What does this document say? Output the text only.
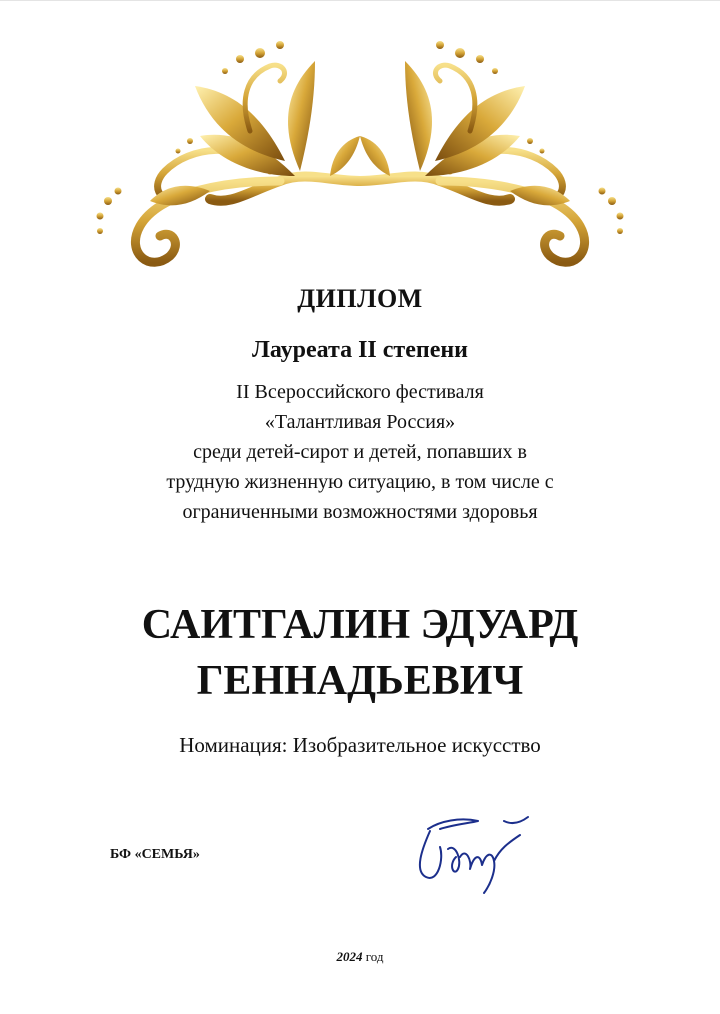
ДИПЛОМ
Лауреата II степени
II Всероссийского фестиваля
«Талантливая Россия»
среди детей-сирот и детей, попавших в
трудную жизненную ситуацию, в том числе с
ограниченными возможностями здоровья
САИТГАЛИН ЭДУАРД
ГЕННАДЬЕВИЧ
Номинация: Изобразительное искусство
БФ «СЕМЬЯ»
2024 год
